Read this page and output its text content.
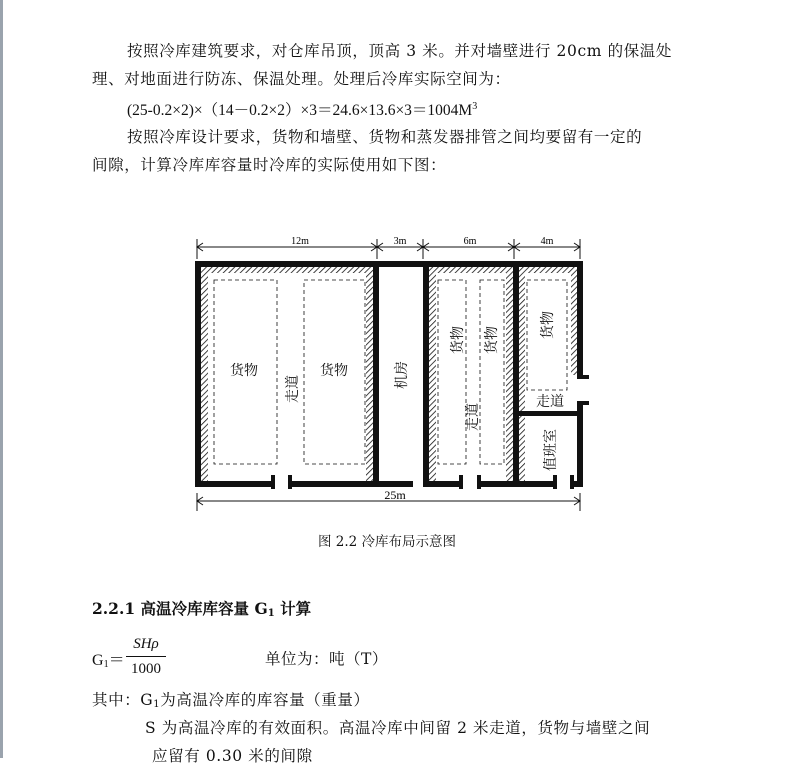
按照冷库建筑要求，对仓库吊顶，顶高 3 米。并对墙壁进行 20cm 的保温处
理、对地面进行防冻、保温处理。处理后冷库实际空间为：
$(25-0.2\times 2)\times(14-0.2\times 2)\times 3=24.6\times 13.6\times 3=1004M^3$
按照冷库设计要求，货物和墙壁、货物和蒸发器排管之间均要留有一定的
间隙，计算冷库库容量时冷库的实际使用如下图：
12m	3m	6m	4m
货物	货物
走道	机房
货物 货物
走道
货物
走道
值班室
25m
图 2.2 冷库布局示意图
2.2.1 高温冷库库容量 $G_1$ 计算
G1＝
SHρ
1000
单位为：吨（T）
其中：G1为高温冷库的库容量（重量）
S 为高温冷库的有效面积。高温冷库中间留 2 米走道，货物与墙壁之间
应留有 0.30 米的间隙
